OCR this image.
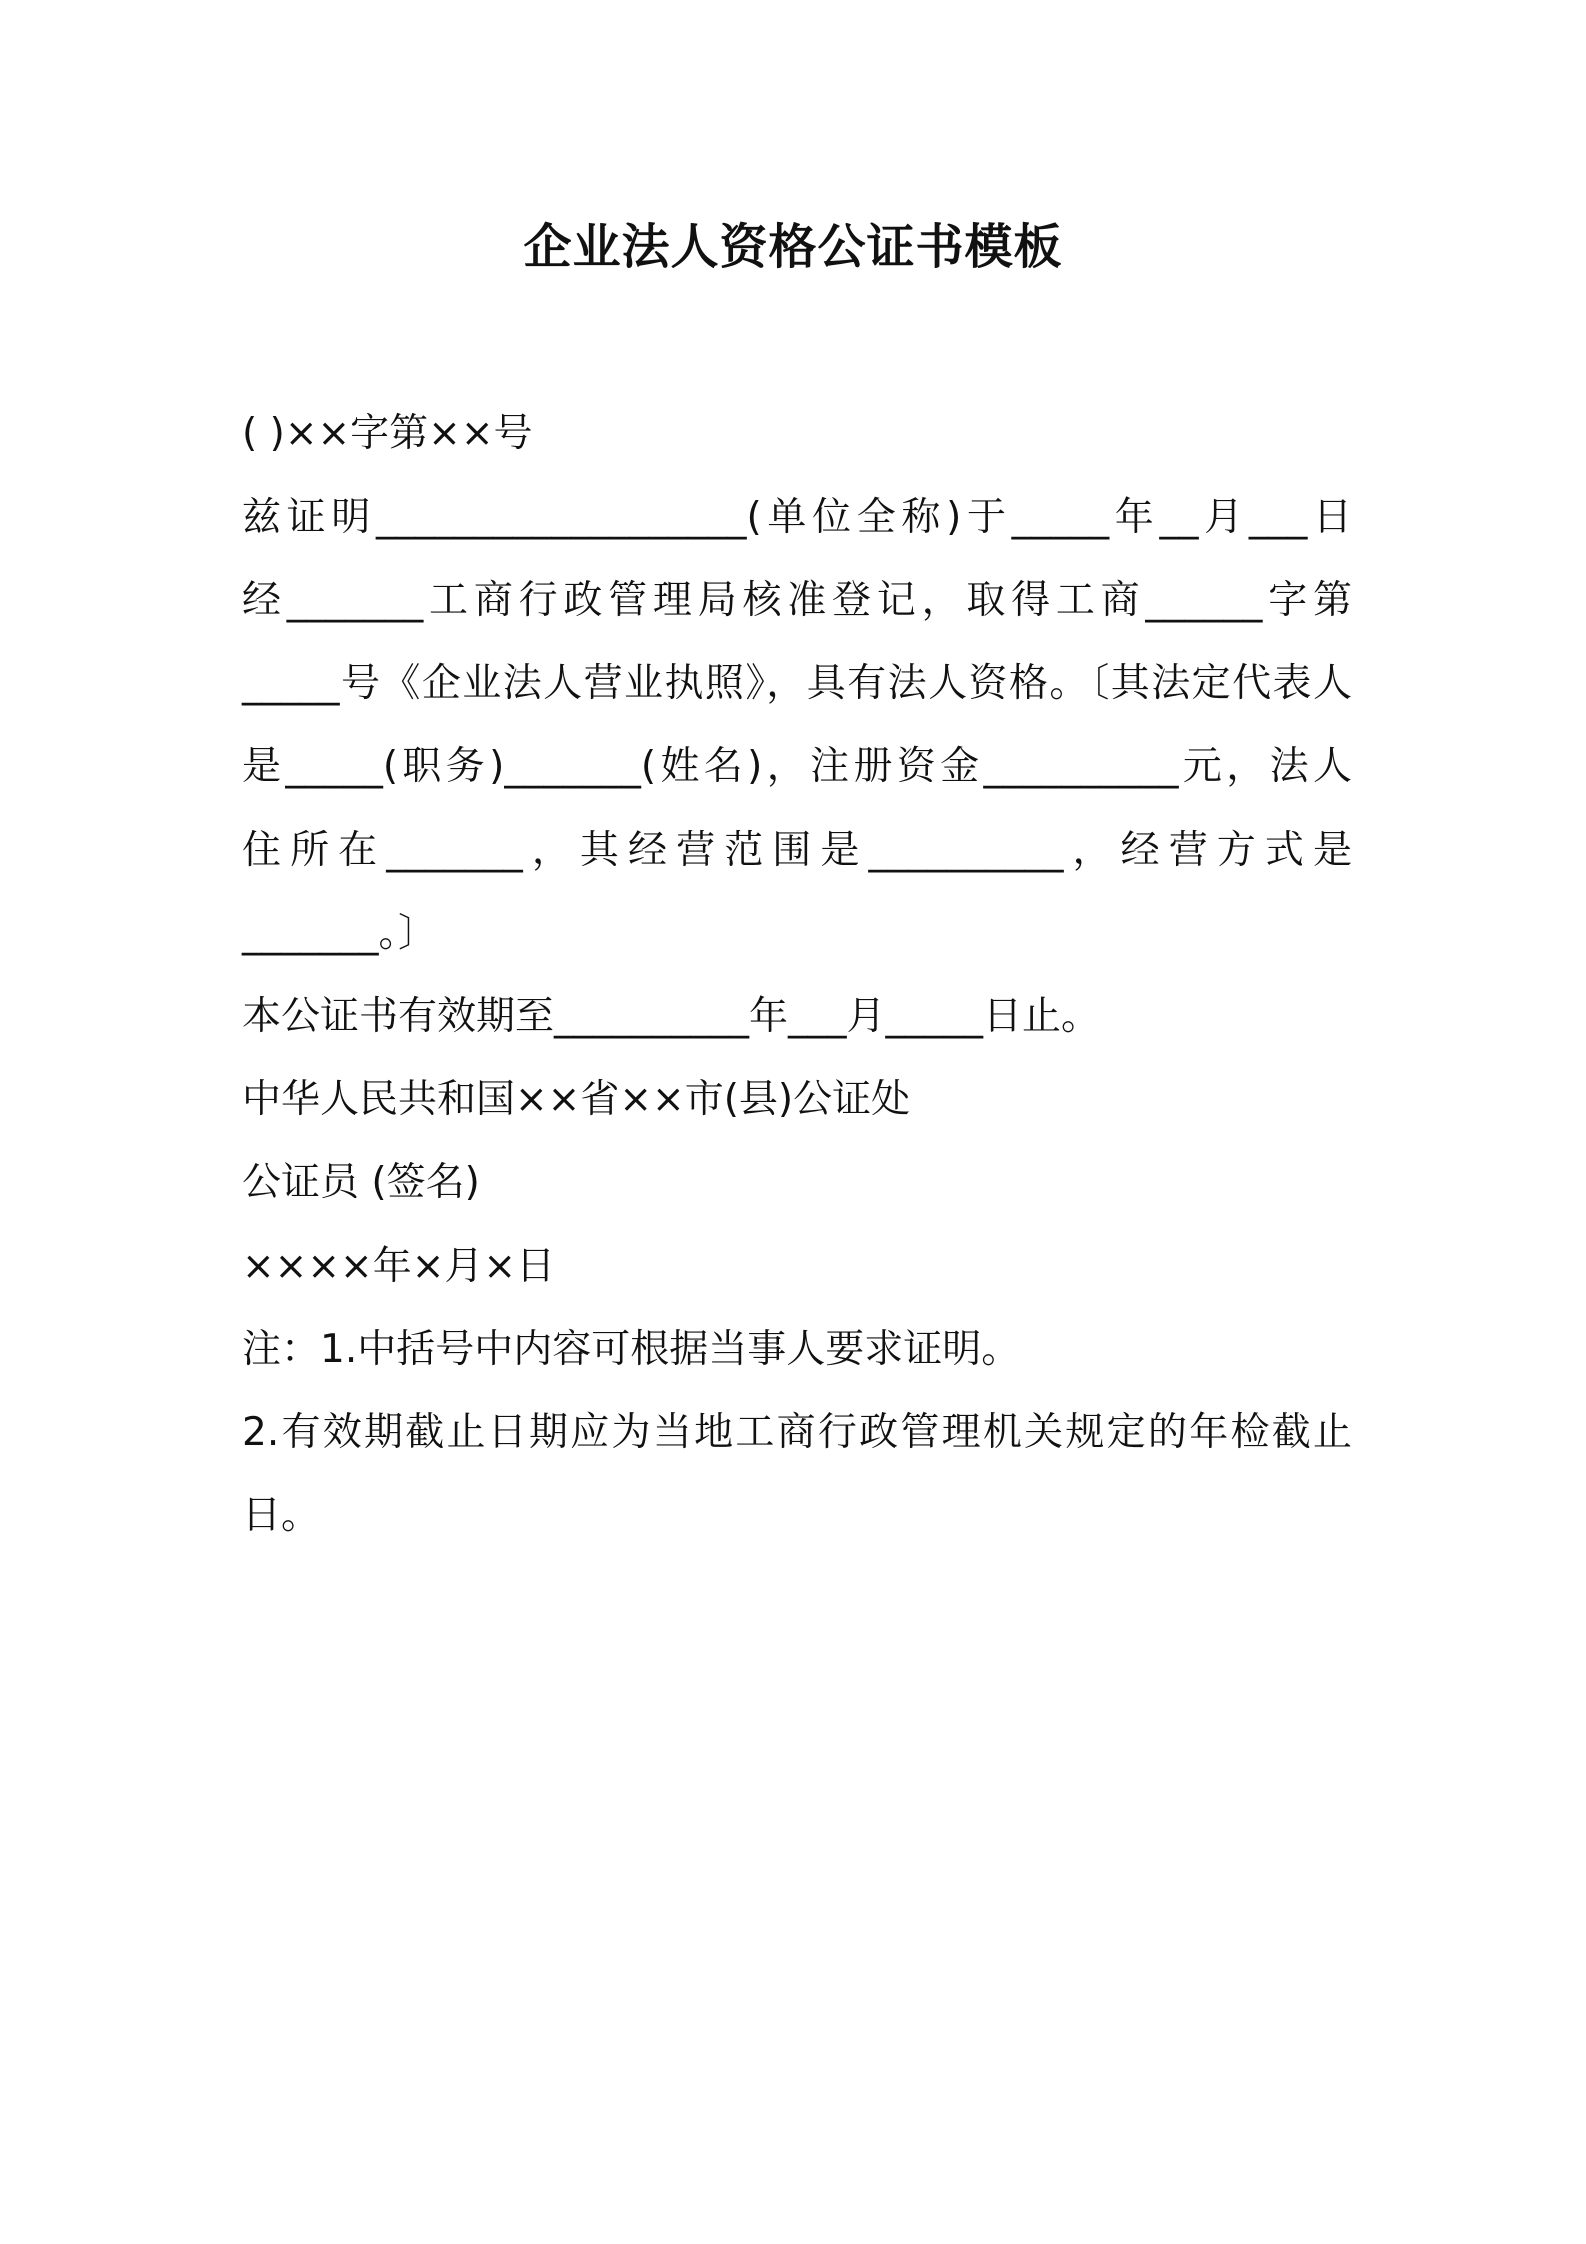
企业法人资格公证书模板
( )××字第××号
兹证明___________________(单位全称)于_____年__月___日
经_______工商行政管理局核准登记，取得工商______字第
_____号《企业法人营业执照》，具有法人资格。〔其法定代表人
是_____(职务)_______(姓名)，注册资金__________元，法人
住所在_______，其经营范围是__________，经营方式是
_______。〕
本公证书有效期至__________年___月_____日止。
中华人民共和国××省××市(县)公证处
公证员 (签名)
××××年×月×日
注：1.中括号中内容可根据当事人要求证明。
2.有效期截止日期应为当地工商行政管理机关规定的年检截止
日。
